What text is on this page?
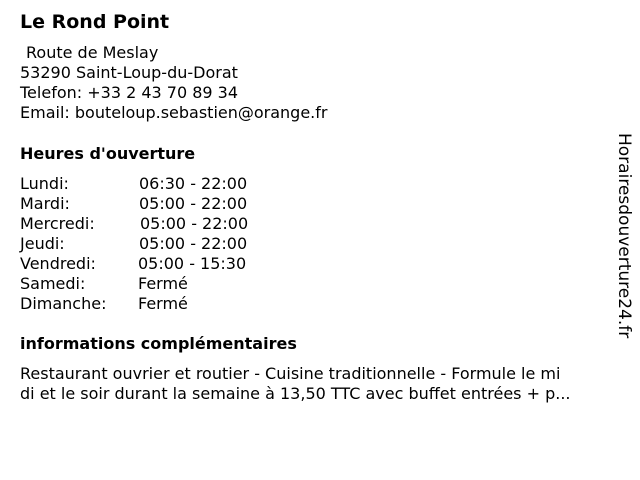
Le Rond Point
Route de Meslay
53290 Saint-Loup-du-Dorat
Telefon: +33 2 43 70 89 34
Email: bouteloup.sebastien@orange.fr
Heures d'ouverture
Lundi:	06:30 - 22:00
Mardi:	05:00 - 22:00
Mercredi:	05:00 - 22:00
Jeudi:	05:00 - 22:00
Vendredi:	05:00 - 15:30
Samedi:	Fermé
Dimanche: Fermé
informations complémentaires
Restaurant ouvrier et routier - Cuisine traditionnelle - Formule le mi
di et le soir durant la semaine à 13,50 TTC avec buffet entrées + p...
Horairesdouverture24.fr
